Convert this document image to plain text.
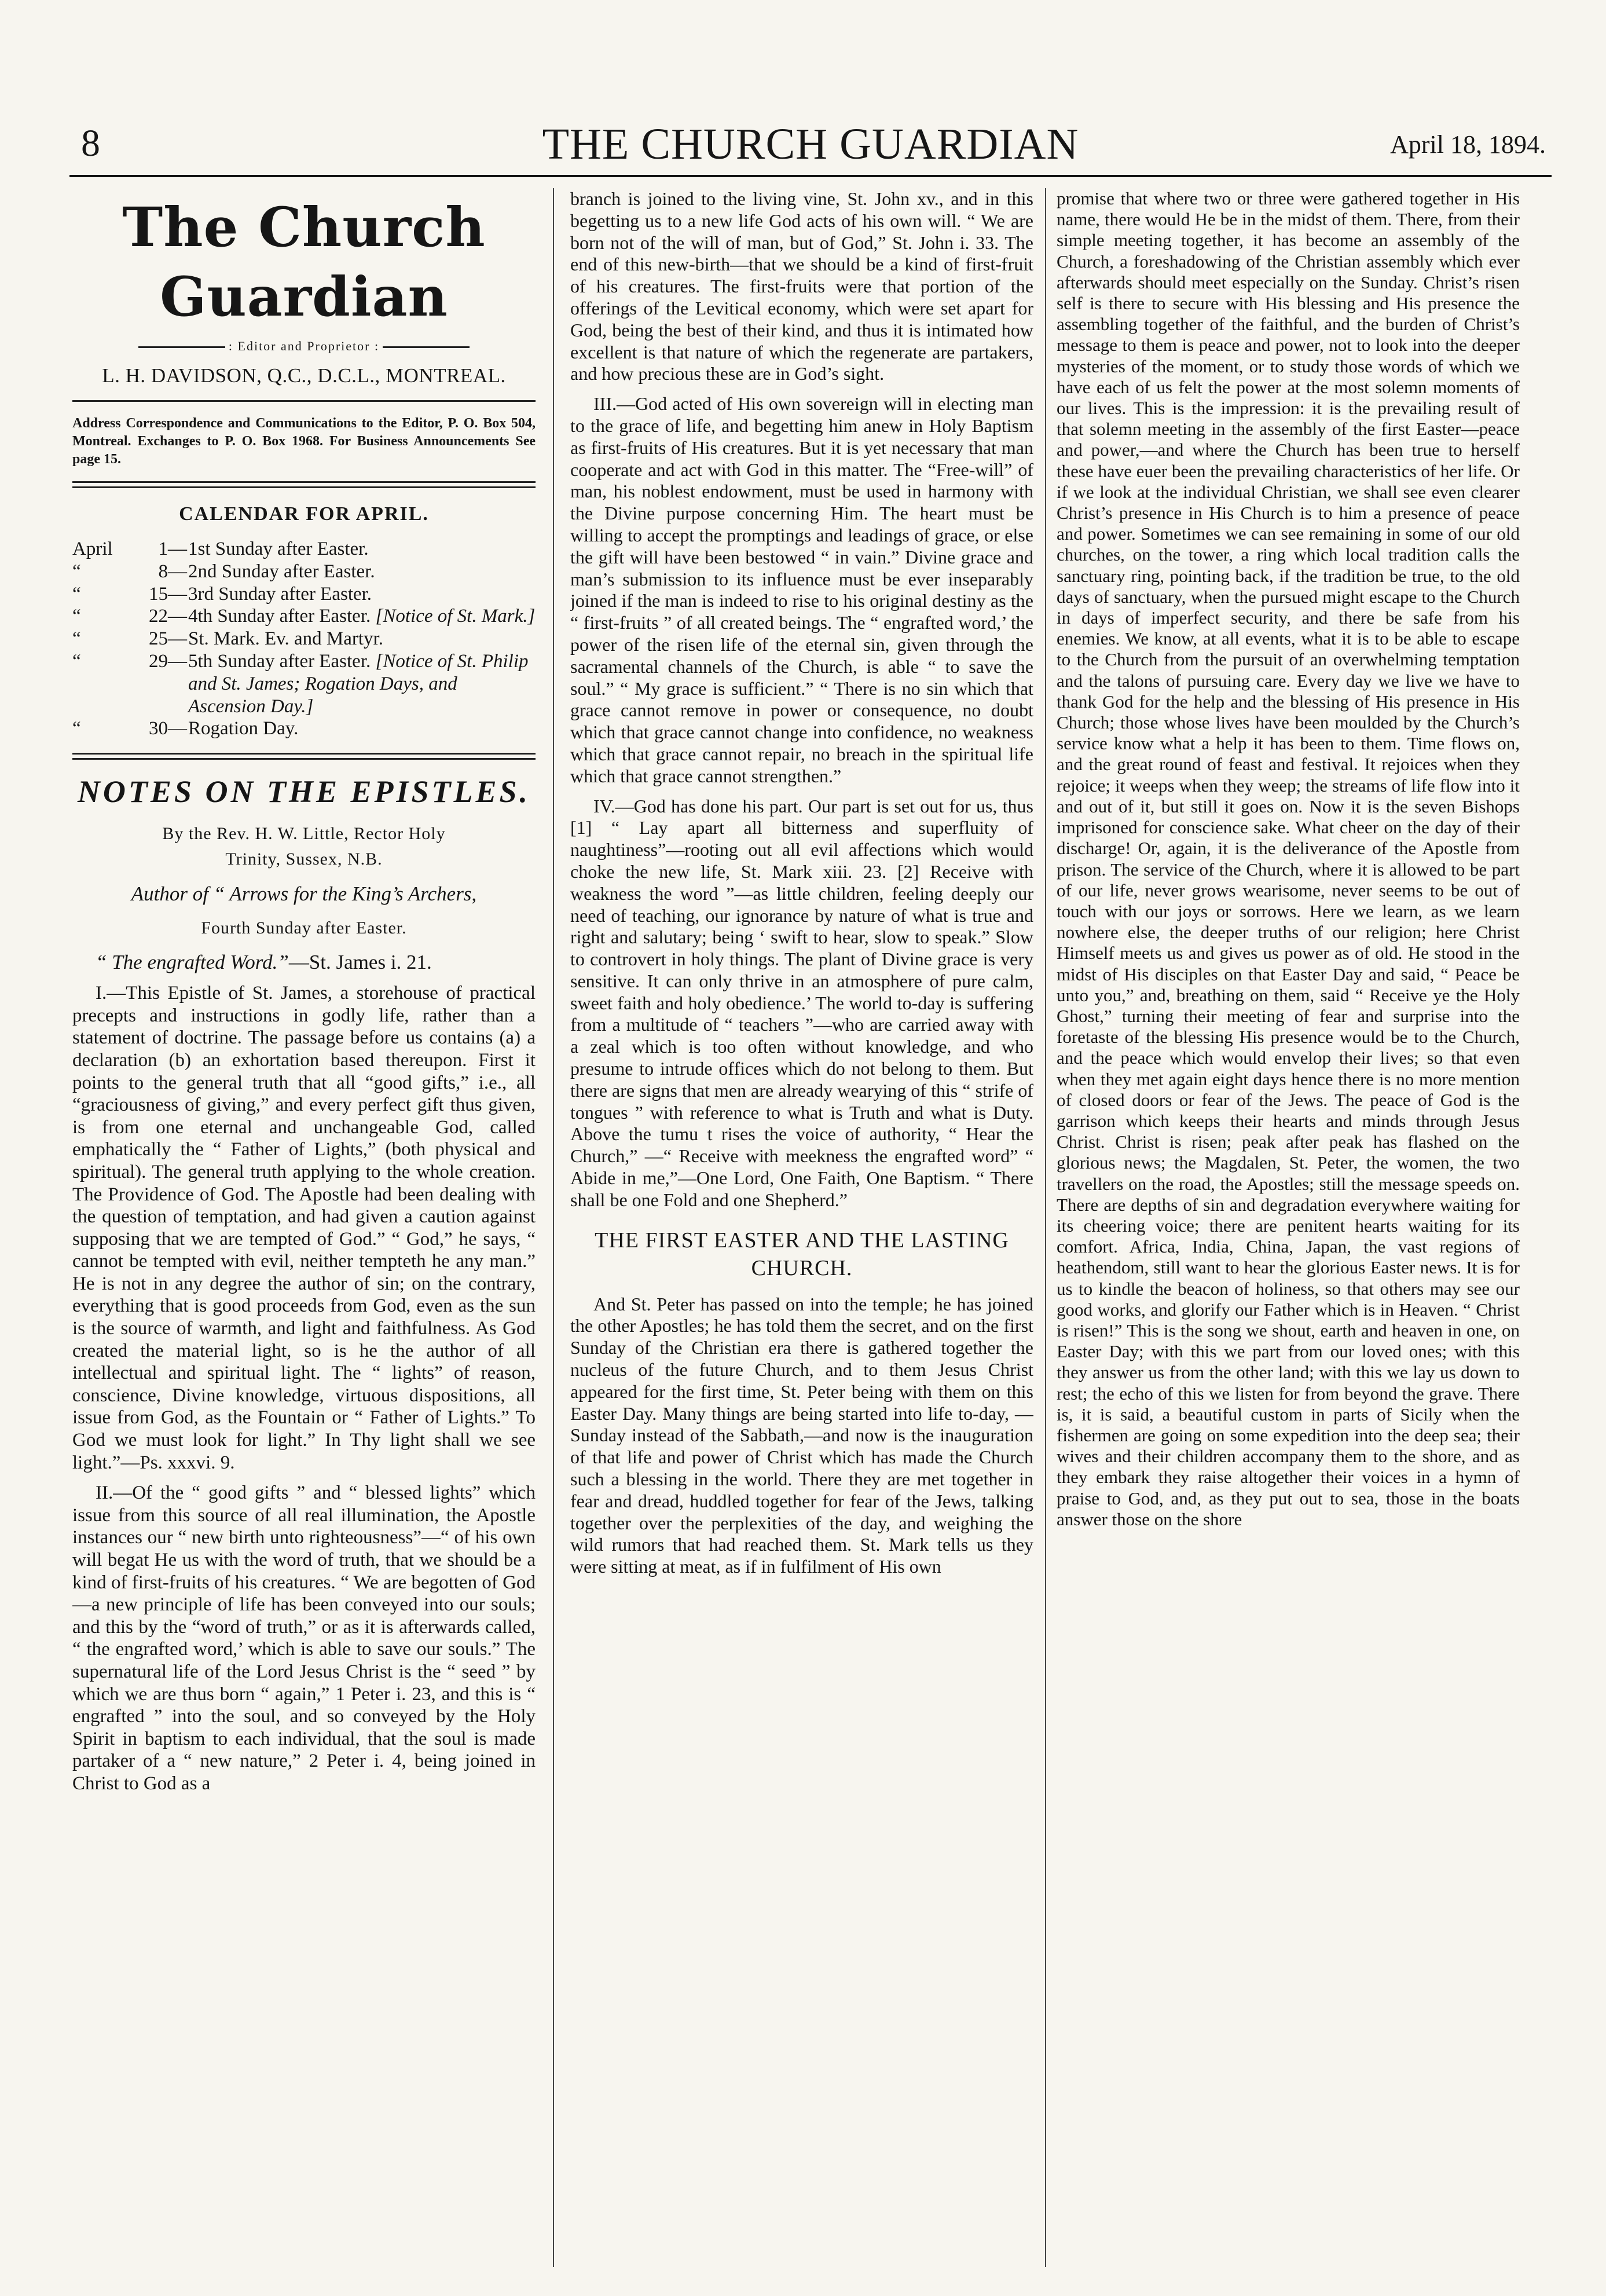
8	THE CHURCH GUARDIAN	April 18, 1894.
The Church Guardian
: Editor and Proprietor :
L. H. DAVIDSON, Q.C., D.C.L., MONTREAL.

Address Correspondence and Communications to the Editor, P. O. Box 504, Montreal. Exchanges to P. O. Box 1968. For Business Announcements See page 15.

CALENDAR FOR APRIL.
April	1— 1st Sunday after Easter.
“	8— 2nd Sunday after Easter.
“	15— 3rd Sunday after Easter.
“	22— 4th Sunday after Easter. [Notice of St. Mark.]
“	25— St. Mark. Ev. and Martyr.
“	29— 5th Sunday after Easter. [Notice of St. Philip and St. James; Rogation Days, and Ascension Day.]
“	30— Rogation Day.
NOTES ON THE EPISTLES.
By the Rev. H. W. Little, Rector Holy
Trinity, Sussex, N.B.
Author of “ Arrows for the King’s Archers,
Fourth Sunday after Easter.
“ The engrafted Word.”—St. James i. 21.

I.—This Epistle of St. James, a storehouse of practical precepts and instructions in godly life, rather than a statement of doctrine. The passage before us contains (a) a declaration (b) an exhortation based thereupon. First it points to the general truth that all “good gifts,” i.e., all “graciousness of giving,” and every perfect gift thus given, is from one eternal and unchangeable God, called emphatically the “ Father of Lights,” (both physical and spiritual). The general truth applying to the whole creation. The Providence of God. The Apostle had been dealing with the question of temptation, and had given a caution against supposing that we are tempted of God.” “ God,” he says, “ cannot be tempted with evil, neither tempteth he any man.” He is not in any degree the author of sin; on the contrary, everything that is good proceeds from God, even as the sun is the source of warmth, and light and faithfulness. As God created the material light, so is he the author of all intellectual and spiritual light. The “ lights” of reason, conscience, Divine knowledge, virtuous dispositions, all issue from God, as the Fountain or “ Father of Lights.” To God we must look for light.” In Thy light shall we see light.”—Ps. xxxvi. 9.

II.—Of the “ good gifts ” and “ blessed lights” which issue from this source of all real illumination, the Apostle instances our “ new birth unto righteousness”—“ of his own will begat He us with the word of truth, that we should be a kind of first-fruits of his creatures. “ We are begotten of God—a new principle of life has been conveyed into our souls; and this by the “word of truth,” or as it is afterwards called, “ the engrafted word,’ which is able to save our souls.” The supernatural life of the Lord Jesus Christ is the “ seed ” by which we are thus born “ again,” 1 Peter i. 23, and this is “ engrafted ” into the soul, and so conveyed by the Holy Spirit in baptism to each individual, that the soul is made partaker of a “ new nature,” 2 Peter i. 4, being joined in Christ to God as a

branch is joined to the living vine, St. John xv., and in this begetting us to a new life God acts of his own will. “ We are born not of the will of man, but of God,” St. John i. 33. The end of this new-birth—that we should be a kind of first-fruit of his creatures. The first-fruits were that portion of the offerings of the Levitical economy, which were set apart for God, being the best of their kind, and thus it is intimated how excellent is that nature of which the regenerate are partakers, and how precious these are in God’s sight.

III.—God acted of His own sovereign will in electing man to the grace of life, and begetting him anew in Holy Baptism as first-fruits of His creatures. But it is yet necessary that man cooperate and act with God in this matter. The “Free-will” of man, his noblest endowment, must be used in harmony with the Divine purpose concerning Him. The heart must be willing to accept the promptings and leadings of grace, or else the gift will have been bestowed “ in vain.” Divine grace and man’s submission to its influence must be ever inseparably joined if the man is indeed to rise to his original destiny as the “ first-fruits ” of all created beings. The “ engrafted word,’ the power of the risen life of the eternal sin, given through the sacramental channels of the Church, is able “ to save the soul.” “ My grace is sufficient.” “ There is no sin which that grace cannot remove in power or consequence, no doubt which that grace cannot change into confidence, no weakness which that grace cannot repair, no breach in the spiritual life which that grace cannot strengthen.”

IV.—God has done his part. Our part is set out for us, thus [1] “ Lay apart all bitterness and superfluity of naughtiness”—rooting out all evil affections which would choke the new life, St. Mark xiii. 23. [2] Receive with weakness the word ”—as little children, feeling deeply our need of teaching, our ignorance by nature of what is true and right and salutary; being ‘ swift to hear, slow to speak.” Slow to controvert in holy things. The plant of Divine grace is very sensitive. It can only thrive in an atmosphere of pure calm, sweet faith and holy obedience.’ The world to-day is suffering from a multitude of “ teachers ”—who are carried away with a zeal which is too often without knowledge, and who presume to intrude offices which do not belong to them. But there are signs that men are already wearying of this “ strife of tongues ” with reference to what is Truth and what is Duty. Above the tumu t rises the voice of authority, “ Hear the Church,” —“ Receive with meekness the engrafted word” “ Abide in me,”—One Lord, One Faith, One Baptism. “ There shall be one Fold and one Shepherd.”

THE FIRST EASTER AND THE LASTING CHURCH.

And St. Peter has passed on into the temple; he has joined the other Apostles; he has told them the secret, and on the first Sunday of the Christian era there is gathered together the nucleus of the future Church, and to them Jesus Christ appeared for the first time, St. Peter being with them on this Easter Day. Many things are being started into life to-day, —Sunday instead of the Sabbath,—and now is the inauguration of that life and power of Christ which has made the Church such a blessing in the world. There they are met together in fear and dread, huddled together for fear of the Jews, talking together over the perplexities of the day, and weighing the wild rumors that had reached them. St. Mark tells us they were sitting at meat, as if in fulfilment of His own

promise that where two or three were gathered together in His name, there would He be in the midst of them. There, from their simple meeting together, it has become an assembly of the Church, a foreshadowing of the Christian assembly which ever afterwards should meet especially on the Sunday. Christ’s risen self is there to secure with His blessing and His presence the assembling together of the faithful, and the burden of Christ’s message to them is peace and power, not to look into the deeper mysteries of the moment, or to study those words of which we have each of us felt the power at the most solemn moments of our lives. This is the impression: it is the prevailing result of that solemn meeting in the assembly of the first Easter—peace and power,—and where the Church has been true to herself these have euer been the prevailing characteristics of her life. Or if we look at the individual Christian, we shall see even clearer Christ’s presence in His Church is to him a presence of peace and power. Sometimes we can see remaining in some of our old churches, on the tower, a ring which local tradition calls the sanctuary ring, pointing back, if the tradition be true, to the old days of sanctuary, when the pursued might escape to the Church in days of imperfect security, and there be safe from his enemies. We know, at all events, what it is to be able to escape to the Church from the pursuit of an overwhelming temptation and the talons of pursuing care. Every day we live we have to thank God for the help and the blessing of His presence in His Church; those whose lives have been moulded by the Church’s service know what a help it has been to them. Time flows on, and the great round of feast and festival. It rejoices when they rejoice; it weeps when they weep; the streams of life flow into it and out of it, but still it goes on. Now it is the seven Bishops imprisoned for conscience sake. What cheer on the day of their discharge! Or, again, it is the deliverance of the Apostle from prison. The service of the Church, where it is allowed to be part of our life, never grows wearisome, never seems to be out of touch with our joys or sorrows. Here we learn, as we learn nowhere else, the deeper truths of our religion; here Christ Himself meets us and gives us power as of old. He stood in the midst of His disciples on that Easter Day and said, “ Peace be unto you,” and, breathing on them, said “ Receive ye the Holy Ghost,” turning their meeting of fear and surprise into the foretaste of the blessing His presence would be to the Church, and the peace which would envelop their lives; so that even when they met again eight days hence there is no more mention of closed doors or fear of the Jews. The peace of God is the garrison which keeps their hearts and minds through Jesus Christ. Christ is risen; peak after peak has flashed on the glorious news; the Magdalen, St. Peter, the women, the two travellers on the road, the Apostles; still the message speeds on. There are depths of sin and degradation everywhere waiting for its cheering voice; there are penitent hearts waiting for its comfort. Africa, India, China, Japan, the vast regions of heathendom, still want to hear the glorious Easter news. It is for us to kindle the beacon of holiness, so that others may see our good works, and glorify our Father which is in Heaven. “ Christ is risen!” This is the song we shout, earth and heaven in one, on Easter Day; with this we part from our loved ones; with this they answer us from the other land; with this we lay us down to rest; the echo of this we listen for from beyond the grave. There is, it is said, a beautiful custom in parts of Sicily when the fishermen are going on some expedition into the deep sea; their wives and their children accompany them to the shore, and as they embark they raise altogether their voices in a hymn of praise to God, and, as they put out to sea, those in the boats answer those on the shore
